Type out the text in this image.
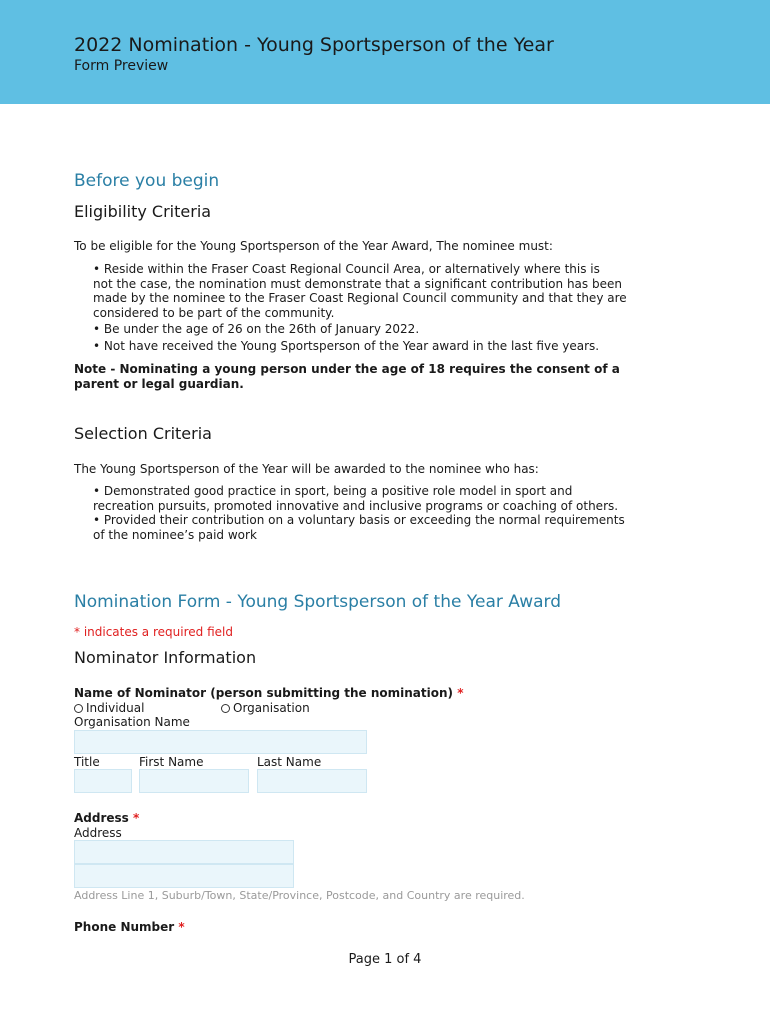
2022 Nomination - Young Sportsperson of the Year
Form Preview
Before you begin
Eligibility Criteria
To be eligible for the Young Sportsperson of the Year Award, The nominee must:
• Reside within the Fraser Coast Regional Council Area, or alternatively where this is
not the case, the nomination must demonstrate that a significant contribution has been
made by the nominee to the Fraser Coast Regional Council community and that they are
considered to be part of the community.
• Be under the age of 26 on the 26th of January 2022.
• Not have received the Young Sportsperson of the Year award in the last five years.
Note - Nominating a young person under the age of 18 requires the consent of a
parent or legal guardian.
Selection Criteria
The Young Sportsperson of the Year will be awarded to the nominee who has:
• Demonstrated good practice in sport, being a positive role model in sport and
recreation pursuits, promoted innovative and inclusive programs or coaching of others.
• Provided their contribution on a voluntary basis or exceeding the normal requirements
of the nominee’s paid work
Nomination Form - Young Sportsperson of the Year Award
* indicates a required field
Nominator Information
Name of Nominator (person submitting the nomination) *
Individual	Organisation
Organisation Name
Title	First Name	Last Name
Address *
Address
Address Line 1, Suburb/Town, State/Province, Postcode, and Country are required.
Phone Number *
Page 1 of 4
